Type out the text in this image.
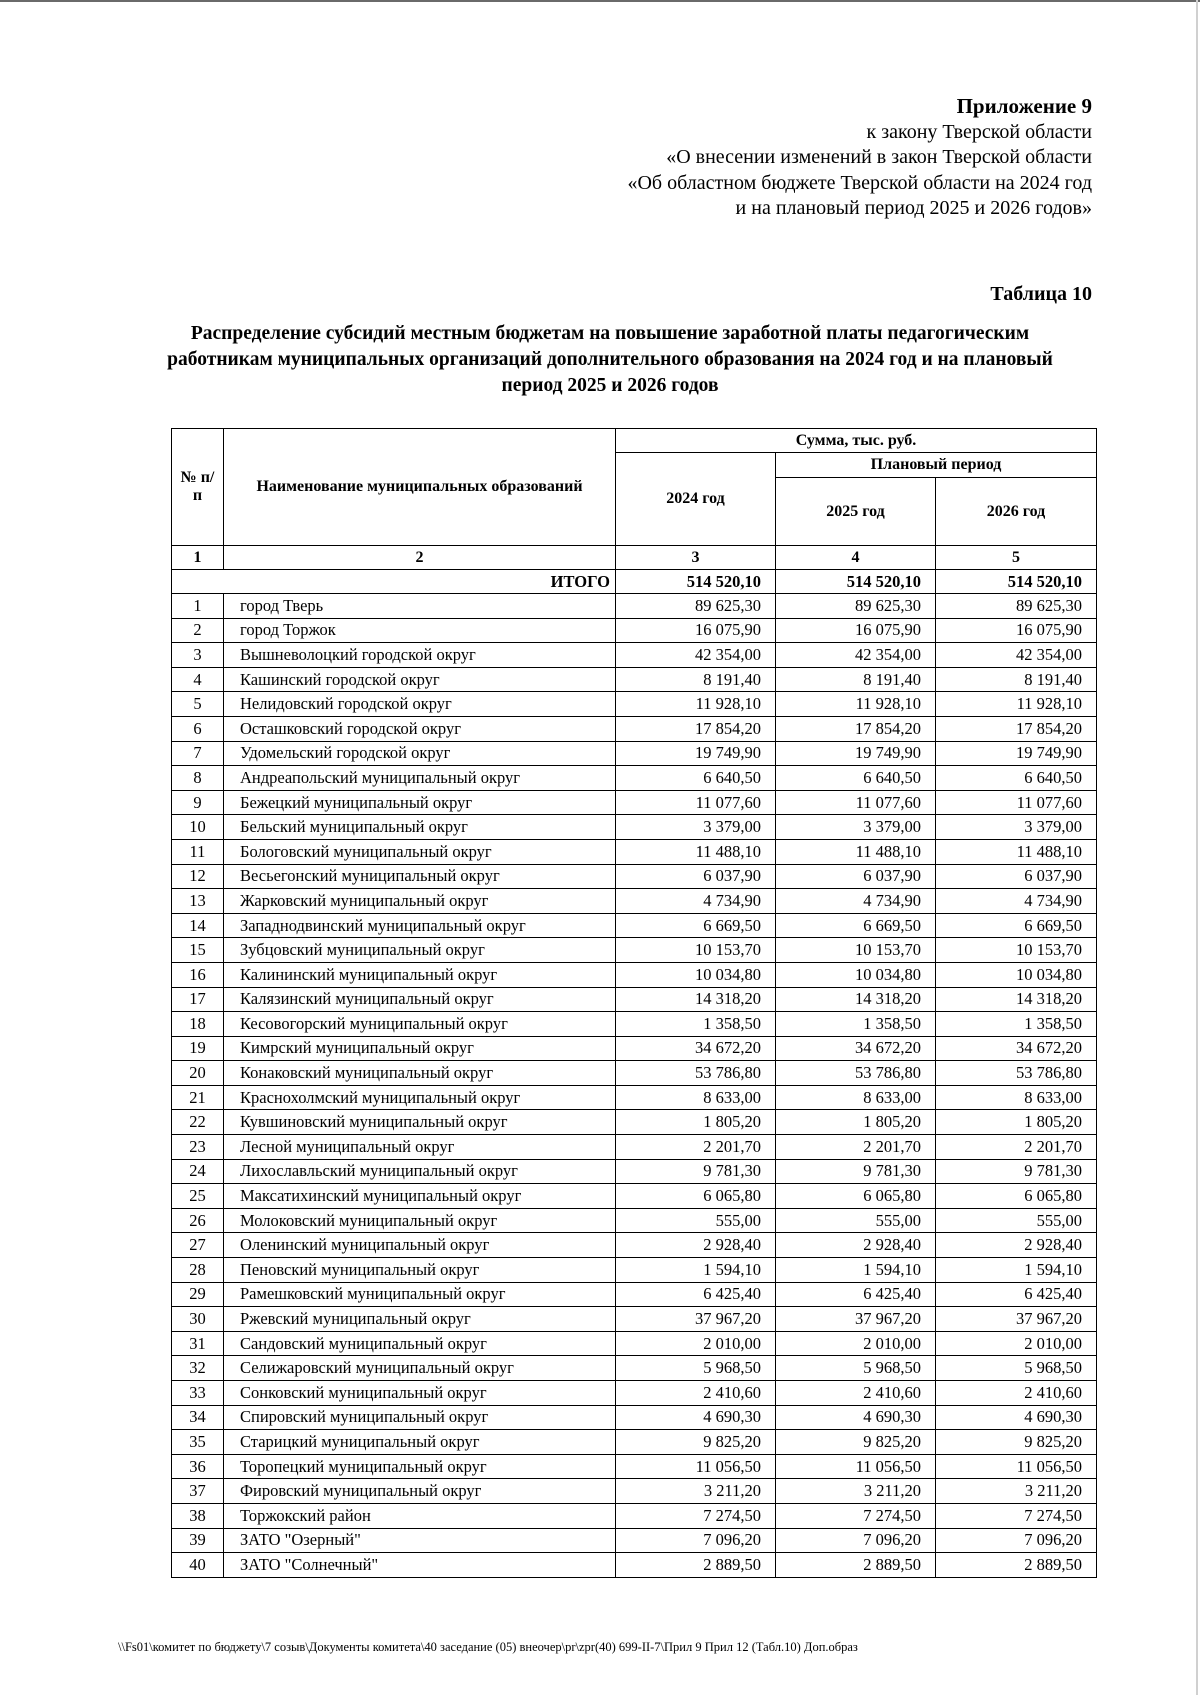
Приложение 9
к закону Тверской области
«О внесении изменений в закон Тверской области
«Об областном бюджете Тверской области на 2024 год
и на плановый период 2025 и 2026 годов»
Таблица 10
Распределение субсидий местным бюджетам на повышение заработной платы педагогическим работникам муниципальных организаций дополнительного образования на 2024 год и на плановый период 2025 и 2026 годов
№ п/п	Наименование муниципальных образований	Сумма, тыс. руб.		
		2024 год	Плановый период	
			2025 год	2026 год
1	2	3	4	5
ИТОГО		514 520,10	514 520,10	514 520,10
1	город Тверь	89 625,30	89 625,30	89 625,30
2	город Торжок	16 075,90	16 075,90	16 075,90
3	Вышневолоцкий городской округ	42 354,00	42 354,00	42 354,00
4	Кашинский городской округ	8 191,40	8 191,40	8 191,40
5	Нелидовский городской округ	11 928,10	11 928,10	11 928,10
6	Осташковский городской округ	17 854,20	17 854,20	17 854,20
7	Удомельский городской округ	19 749,90	19 749,90	19 749,90
8	Андреапольский муниципальный округ	6 640,50	6 640,50	6 640,50
9	Бежецкий муниципальный округ	11 077,60	11 077,60	11 077,60
10	Бельский муниципальный округ	3 379,00	3 379,00	3 379,00
11	Бологовский муниципальный округ	11 488,10	11 488,10	11 488,10
12	Весьегонский муниципальный округ	6 037,90	6 037,90	6 037,90
13	Жарковский муниципальный округ	4 734,90	4 734,90	4 734,90
14	Западнодвинский муниципальный округ	6 669,50	6 669,50	6 669,50
15	Зубцовский муниципальный округ	10 153,70	10 153,70	10 153,70
16	Калининский муниципальный округ	10 034,80	10 034,80	10 034,80
17	Калязинский муниципальный округ	14 318,20	14 318,20	14 318,20
18	Кесовогорский муниципальный округ	1 358,50	1 358,50	1 358,50
19	Кимрский муниципальный округ	34 672,20	34 672,20	34 672,20
20	Конаковский муниципальный округ	53 786,80	53 786,80	53 786,80
21	Краснохолмский муниципальный округ	8 633,00	8 633,00	8 633,00
22	Кувшиновский муниципальный округ	1 805,20	1 805,20	1 805,20
23	Лесной муниципальный округ	2 201,70	2 201,70	2 201,70
24	Лихославльский муниципальный округ	9 781,30	9 781,30	9 781,30
25	Максатихинский муниципальный округ	6 065,80	6 065,80	6 065,80
26	Молоковский муниципальный округ	555,00	555,00	555,00
27	Оленинский муниципальный округ	2 928,40	2 928,40	2 928,40
28	Пеновский муниципальный округ	1 594,10	1 594,10	1 594,10
29	Рамешковский муниципальный округ	6 425,40	6 425,40	6 425,40
30	Ржевский муниципальный округ	37 967,20	37 967,20	37 967,20
31	Сандовский муниципальный округ	2 010,00	2 010,00	2 010,00
32	Селижаровский муниципальный округ	5 968,50	5 968,50	5 968,50
33	Сонковский муниципальный округ	2 410,60	2 410,60	2 410,60
34	Спировский муниципальный округ	4 690,30	4 690,30	4 690,30
35	Старицкий муниципальный округ	9 825,20	9 825,20	9 825,20
36	Торопецкий муниципальный округ	11 056,50	11 056,50	11 056,50
37	Фировский муниципальный округ	3 211,20	3 211,20	3 211,20
38	Торжокский район	7 274,50	7 274,50	7 274,50
39	ЗАТО "Озерный"	7 096,20	7 096,20	7 096,20
40	ЗАТО "Солнечный"	2 889,50	2 889,50	2 889,50
\\Fs01\комитет по бюджету\7 созыв\Документы комитета\40 заседание (05) внеочер\pr\zpr(40) 699-II-7\Прил 9 Прил 12 (Табл.10) Доп.образ
